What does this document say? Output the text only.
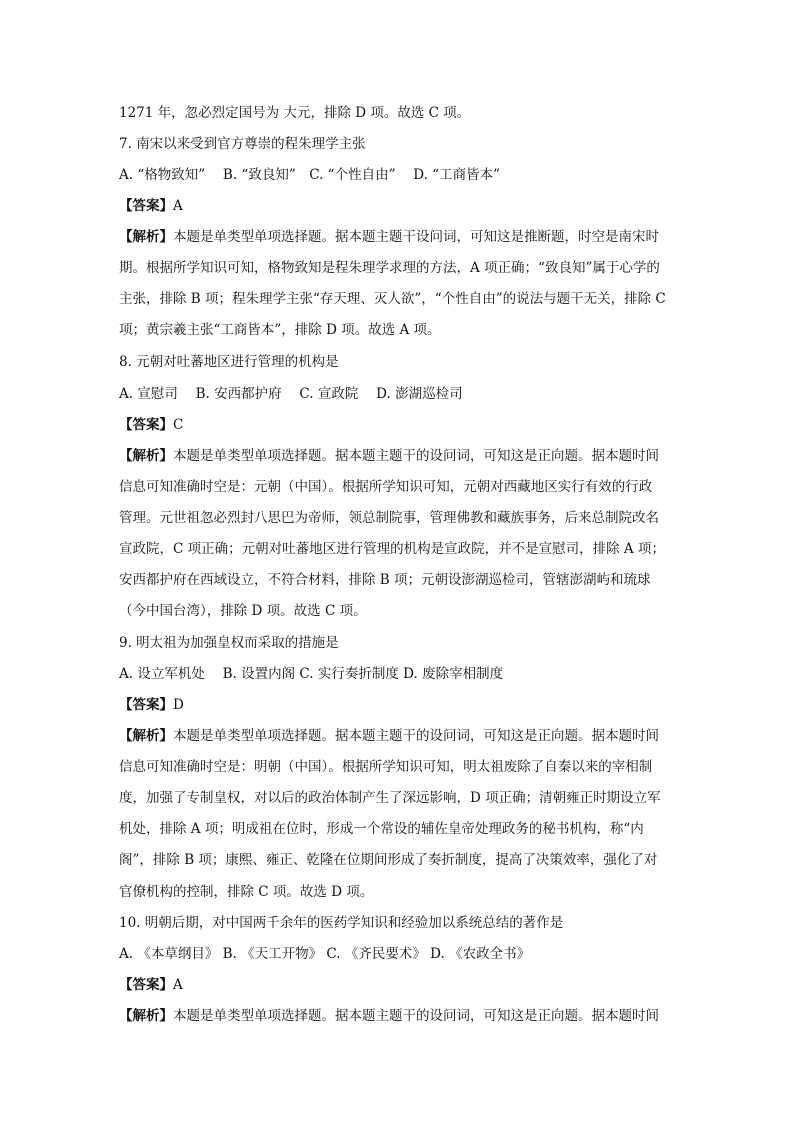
1271 年，忽必烈定国号为 大元，排除 D 项。故选 C 项。
7. 南宋以来受到官方尊崇的程朱理学主张
A. “格物致知”　 B. “致良知”　C. “个性自由”　 D. “工商皆本”
【答案】A
【解析】本题是单类型单项选择题。据本题主题干设问词，可知这是推断题，时空是南宋时
期。根据所学知识可知，格物致知是程朱理学求理的方法，A 项正确；“致良知”属于心学的
主张，排除 B 项；程朱理学主张“存天理、灭人欲”，“个性自由”的说法与题干无关，排除 C
项；黄宗羲主张“工商皆本”，排除 D 项。故选 A 项。
8. 元朝对吐蕃地区进行管理的机构是
A. 宣慰司　 B. 安西都护府　 C. 宣政院　 D. 澎湖巡检司
【答案】C
【解析】本题是单类型单项选择题。据本题主题干的设问词，可知这是正向题。据本题时间
信息可知准确时空是：元朝（中国）。根据所学知识可知，元朝对西藏地区实行有效的行政
管理。元世祖忽必烈封八思巴为帝师，领总制院事，管理佛教和藏族事务，后来总制院改名
宣政院，C 项正确；元朝对吐蕃地区进行管理的机构是宣政院，并不是宣慰司，排除 A 项；
安西都护府在西域设立，不符合材料，排除 B 项；元朝设澎湖巡检司，管辖澎湖屿和琉球
（今中国台湾），排除 D 项。故选 C 项。
9. 明太祖为加强皇权而采取的措施是
A. 设立军机处　 B. 设置内阁 C. 实行奏折制度 D. 废除宰相制度
【答案】D
【解析】本题是单类型单项选择题。据本题主题干的设问词，可知这是正向题。据本题时间
信息可知准确时空是：明朝（中国）。根据所学知识可知，明太祖废除了自秦以来的宰相制
度，加强了专制皇权，对以后的政治体制产生了深远影响，D 项正确；清朝雍正时期设立军
机处，排除 A 项；明成祖在位时，形成一个常设的辅佐皇帝处理政务的秘书机构，称“内
阁”，排除 B 项；康熙、雍正、乾隆在位期间形成了奏折制度，提高了决策效率，强化了对
官僚机构的控制，排除 C 项。故选 D 项。
10. 明朝后期，对中国两千余年的医药学知识和经验加以系统总结的著作是
A. 《本草纲目》 B. 《天工开物》 C. 《齐民要术》 D. 《农政全书》
【答案】A
【解析】本题是单类型单项选择题。据本题主题干的设问词，可知这是正向题。据本题时间
